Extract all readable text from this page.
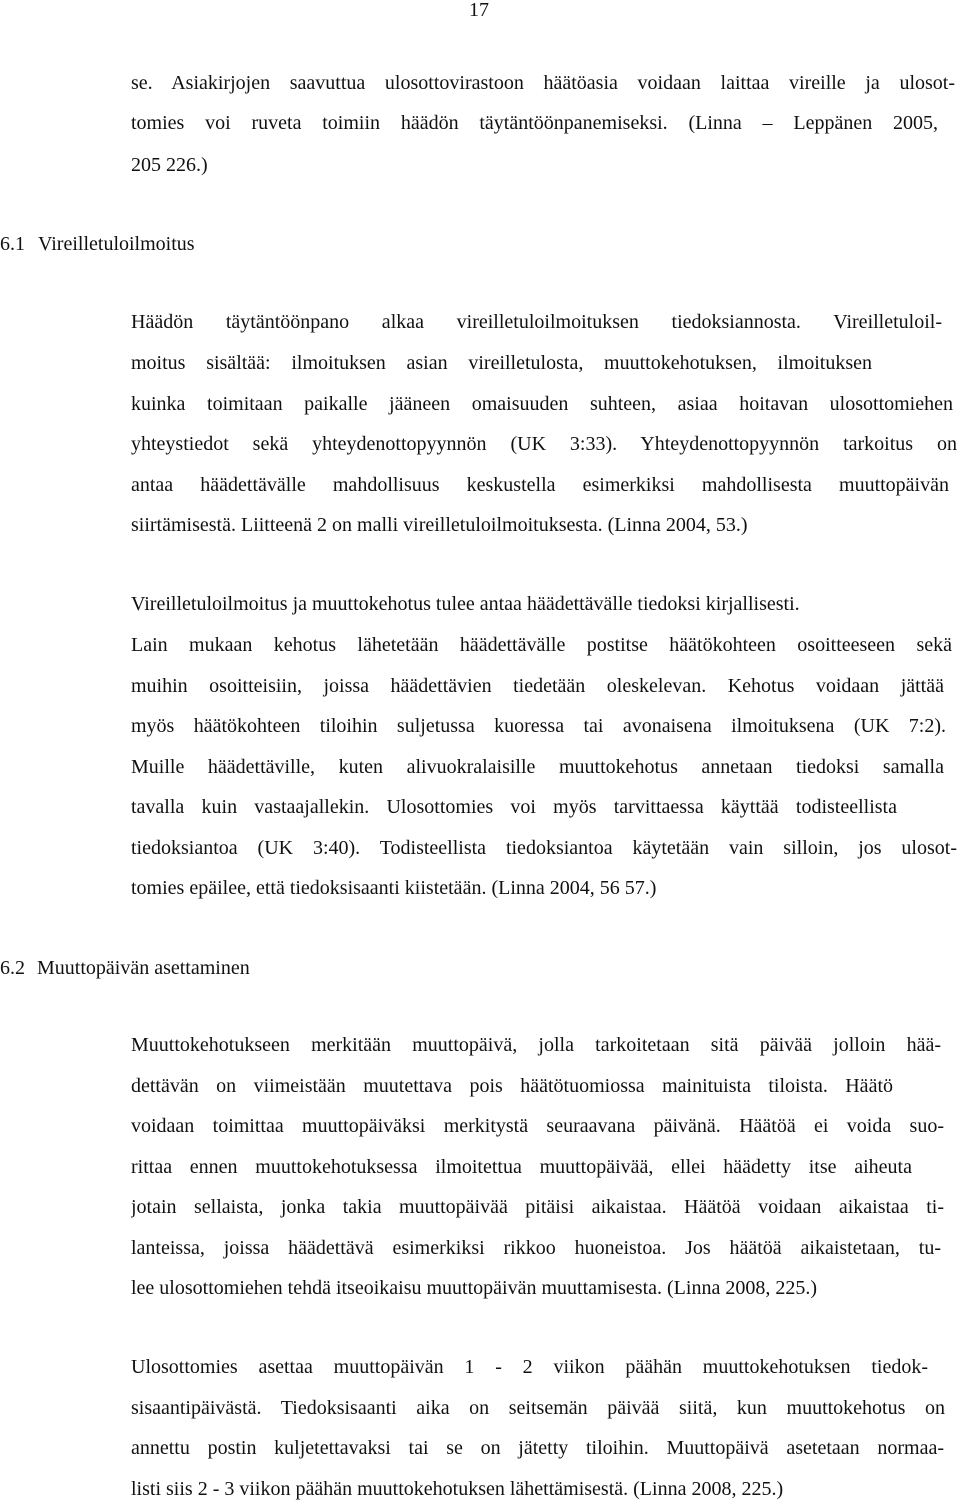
17

se. Asiakirjojen saavuttua ulosottovirastoon häätöasia voidaan laittaa vireille ja ulosot-

tomies voi ruveta toimiin häädön täytäntöönpanemiseksi. (Linna – Leppänen 2005,

205 226.)

6.1 Vireilletuloilmoitus

Häädön täytäntöönpano alkaa vireilletuloilmoituksen tiedoksiannosta. Vireilletuloil-

moitus sisältää: ilmoituksen asian vireilletulosta, muuttokehotuksen, ilmoituksen

kuinka toimitaan paikalle jääneen omaisuuden suhteen, asiaa hoitavan ulosottomiehen

yhteystiedot sekä yhteydenottopyynnön (UK 3:33). Yhteydenottopyynnön tarkoitus on

antaa häädettävälle mahdollisuus keskustella esimerkiksi mahdollisesta muuttopäivän

siirtämisestä. Liitteenä 2 on malli vireilletuloilmoituksesta. (Linna 2004, 53.)

Vireilletuloilmoitus ja muuttokehotus tulee antaa häädettävälle tiedoksi kirjallisesti.

Lain mukaan kehotus lähetetään häädettävälle postitse häätökohteen osoitteeseen sekä

muihin osoitteisiin, joissa häädettävien tiedetään oleskelevan. Kehotus voidaan jättää

myös häätökohteen tiloihin suljetussa kuoressa tai avonaisena ilmoituksena (UK 7:2).

Muille häädettäville, kuten alivuokralaisille muuttokehotus annetaan tiedoksi samalla

tavalla kuin vastaajallekin. Ulosottomies voi myös tarvittaessa käyttää todisteellista

tiedoksiantoa (UK 3:40). Todisteellista tiedoksiantoa käytetään vain silloin, jos ulosot-

tomies epäilee, että tiedoksisaanti kiistetään. (Linna 2004, 56 57.)

6.2 Muuttopäivän asettaminen

Muuttokehotukseen merkitään muuttopäivä, jolla tarkoitetaan sitä päivää jolloin hää-

dettävän on viimeistään muutettava pois häätötuomiossa mainituista tiloista. Häätö

voidaan toimittaa muuttopäiväksi merkitystä seuraavana päivänä. Häätöä ei voida suo-

rittaa ennen muuttokehotuksessa ilmoitettua muuttopäivää, ellei häädetty itse aiheuta

jotain sellaista, jonka takia muuttopäivää pitäisi aikaistaa. Häätöä voidaan aikaistaa ti-

lanteissa, joissa häädettävä esimerkiksi rikkoo huoneistoa. Jos häätöä aikaistetaan, tu-

lee ulosottomiehen tehdä itseoikaisu muuttopäivän muuttamisesta. (Linna 2008, 225.)

Ulosottomies asettaa muuttopäivän 1 - 2 viikon päähän muuttokehotuksen tiedok-

sisaantipäivästä. Tiedoksisaanti aika on seitsemän päivää siitä, kun muuttokehotus on

annettu postin kuljetettavaksi tai se on jätetty tiloihin. Muuttopäivä asetetaan normaa-

listi siis 2 - 3 viikon päähän muuttokehotuksen lähettämisestä. (Linna 2008, 225.)
